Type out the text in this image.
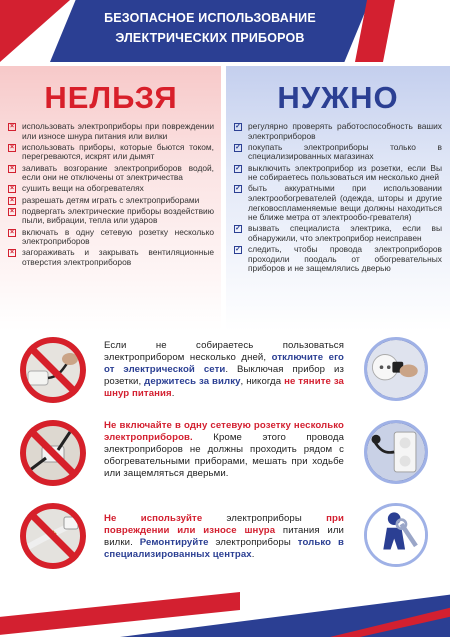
БЕЗОПАСНОЕ ИСПОЛЬЗОВАНИЕ
ЭЛЕКТРИЧЕСКИХ ПРИБОРОВ
НЕЛЬЗЯ
× использовать электроприборы при повреждении или износе шнура питания или вилки
× использовать приборы, которые бьются током, перегреваются, искрят или дымят
× заливать возгорание электроприборов водой, если они не отключены от электричества
× сушить вещи на обогревателях
× разрешать детям играть с электроприборами
× подвергать электрические приборы воздействию пыли, вибрации, тепла или ударов
× включать в одну сетевую розетку несколько электроприборов
× загораживать и закрывать вентиляционные отверстия электроприборов
НУЖНО
✓ регулярно проверять работоспособность ваших электроприборов
✓ покупать электроприборы только в специализированных магазинах
✓ выключить электроприбор из розетки, если Вы не собираетесь пользоваться им несколько дней
✓ быть аккуратными при использовании электрообогревателей (одежда, шторы и другие легковоспламеняемые вещи должны находиться не ближе метра от электрообо-гревателя)
✓ вызвать специалиста электрика, если вы обнаружили, что электроприбор неисправен
✓ следить, чтобы провода электроприборов проходили поодаль от обогревательных приборов и не защемлялись дверью
Если не собираетесь пользоваться электроприбором несколько дней, отключите его от электрической сети. Выключая прибор из розетки, держитесь за вилку, никогда не тяните за шнур питания.
Не включайте в одну сетевую розетку несколько электроприборов. Кроме этого провода электроприборов не должны проходить рядом с обогревательными приборами, мешать при ходьбе или защемляться дверьми.
Не используйте электроприборы при повреждении или износе шнура питания или вилки. Ремонтируйте электроприборы только в специализированных центрах.
